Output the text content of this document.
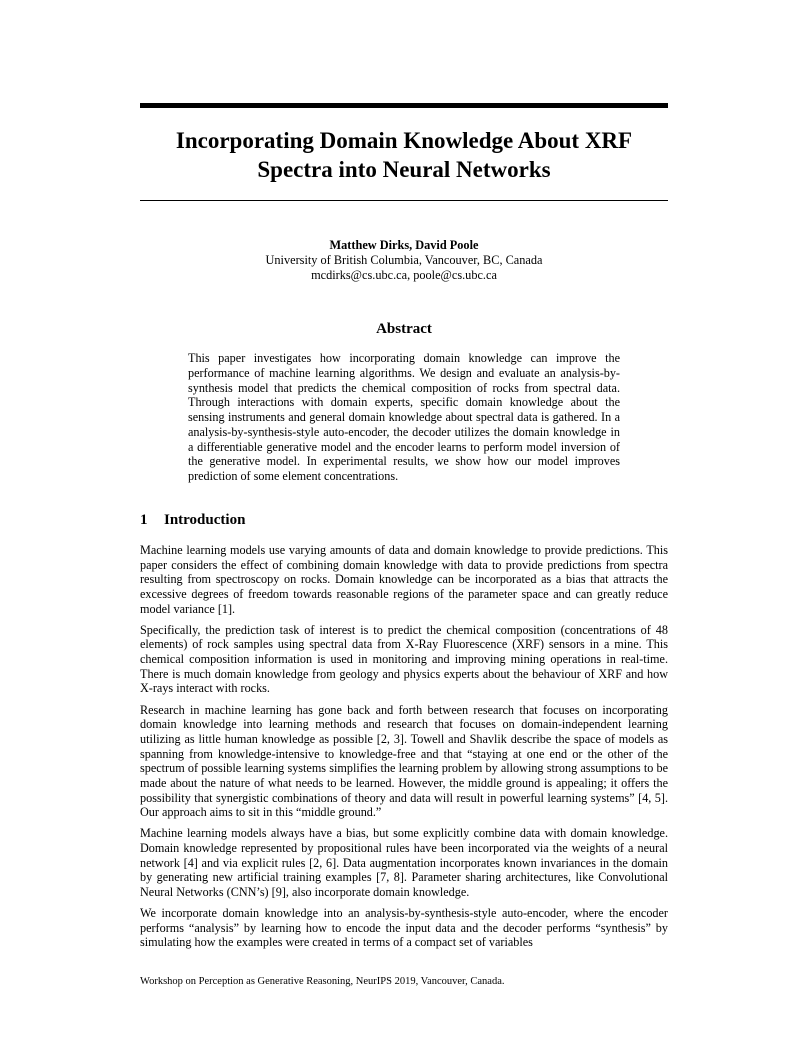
Incorporating Domain Knowledge About XRF Spectra into Neural Networks
Matthew Dirks, David Poole
University of British Columbia, Vancouver, BC, Canada
mcdirks@cs.ubc.ca, poole@cs.ubc.ca
Abstract
This paper investigates how incorporating domain knowledge can improve the performance of machine learning algorithms. We design and evaluate an analysis-by-synthesis model that predicts the chemical composition of rocks from spectral data. Through interactions with domain experts, specific domain knowledge about the sensing instruments and general domain knowledge about spectral data is gathered. In a analysis-by-synthesis-style auto-encoder, the decoder utilizes the domain knowledge in a differentiable generative model and the encoder learns to perform model inversion of the generative model. In experimental results, we show how our model improves prediction of some element concentrations.
1 Introduction

Machine learning models use varying amounts of data and domain knowledge to provide predictions. This paper considers the effect of combining domain knowledge with data to provide predictions from spectra resulting from spectroscopy on rocks. Domain knowledge can be incorporated as a bias that attracts the excessive degrees of freedom towards reasonable regions of the parameter space and can greatly reduce model variance [1].

Specifically, the prediction task of interest is to predict the chemical composition (concentrations of 48 elements) of rock samples using spectral data from X-Ray Fluorescence (XRF) sensors in a mine. This chemical composition information is used in monitoring and improving mining operations in real-time. There is much domain knowledge from geology and physics experts about the behaviour of XRF and how X-rays interact with rocks.

Research in machine learning has gone back and forth between research that focuses on incorporating domain knowledge into learning methods and research that focuses on domain-independent learning utilizing as little human knowledge as possible [2, 3]. Towell and Shavlik describe the space of models as spanning from knowledge-intensive to knowledge-free and that “staying at one end or the other of the spectrum of possible learning systems simplifies the learning problem by allowing strong assumptions to be made about the nature of what needs to be learned. However, the middle ground is appealing; it offers the possibility that synergistic combinations of theory and data will result in powerful learning systems” [4, 5]. Our approach aims to sit in this “middle ground.”

Machine learning models always have a bias, but some explicitly combine data with domain knowledge. Domain knowledge represented by propositional rules have been incorporated via the weights of a neural network [4] and via explicit rules [2, 6]. Data augmentation incorporates known invariances in the domain by generating new artificial training examples [7, 8]. Parameter sharing architectures, like Convolutional Neural Networks (CNN’s) [9], also incorporate domain knowledge.

We incorporate domain knowledge into an analysis-by-synthesis-style auto-encoder, where the encoder performs “analysis” by learning how to encode the input data and the decoder performs “synthesis” by simulating how the examples were created in terms of a compact set of variables

Workshop on Perception as Generative Reasoning, NeurIPS 2019, Vancouver, Canada.
